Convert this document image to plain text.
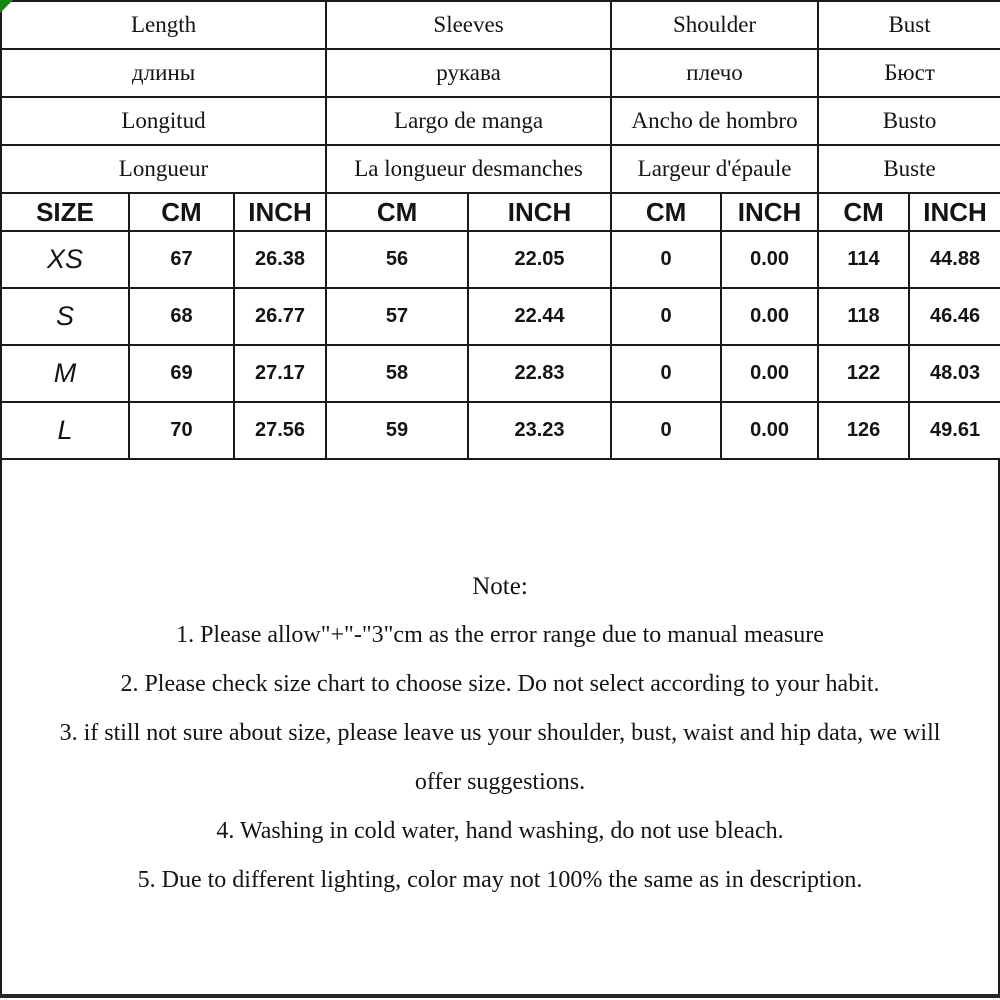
Length			Sleeves		Shoulder		Bust	
длины			рукава		плечо		Бюст	
Longitud			Largo de manga		Ancho de hombro		Busto	
Longueur			La longueur desmanches		Largeur d'épaule		Buste	
SIZE	CM	INCH	CM	INCH	CM	INCH	CM	INCH
XS	67	26.38	56	22.05	0	0.00	114	44.88
S	68	26.77	57	22.44	0	0.00	118	46.46
M	69	27.17	58	22.83	0	0.00	122	48.03
L	70	27.56	59	23.23	0	0.00	126	49.61
Note:
1. Please allow"+"-"3"cm as the error range due to manual measure
2. Please check size chart to choose size. Do not select according to your habit.
3. if still not sure about size, please leave us your shoulder, bust, waist and hip data, we will offer suggestions.
4. Washing in cold water, hand washing, do not use bleach.
5. Due to different lighting, color may not 100% the same as in description.
